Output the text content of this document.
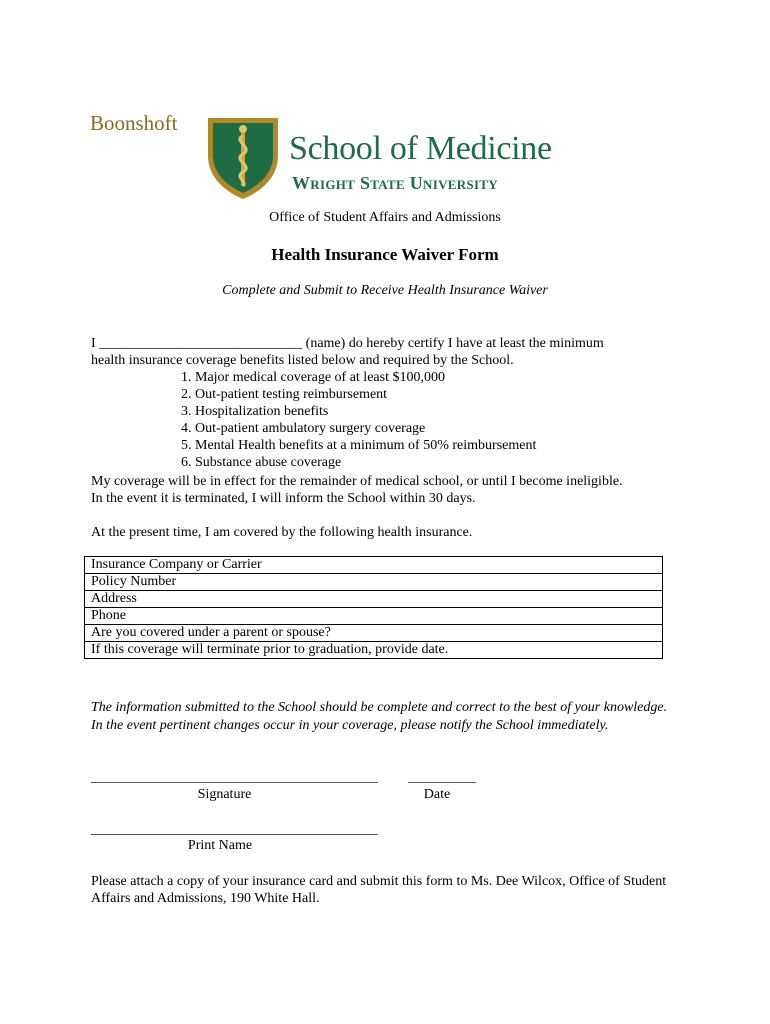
Boonshoft
School of Medicine
Wright State University
Office of Student Affairs and Admissions
Health Insurance Waiver Form
Complete and Submit to Receive Health Insurance Waiver
I _____________________________ (name) do hereby certify I have at least the minimum
health insurance coverage benefits listed below and required by the School.
1. Major medical coverage of at least $100,000
2. Out-patient testing reimbursement
3. Hospitalization benefits
4. Out-patient ambulatory surgery coverage
5. Mental Health benefits at a minimum of 50% reimbursement
6. Substance abuse coverage
My coverage will be in effect for the remainder of medical school, or until I become ineligible.
In the event it is terminated, I will inform the School within 30 days.
At the present time, I am covered by the following health insurance.
Insurance Company or Carrier
Policy Number
Address
Phone
Are you covered under a parent or spouse?
If this coverage will terminate prior to graduation, provide date.
The information submitted to the School should be complete and correct to the best of your knowledge. In the event pertinent changes occur in your coverage, please notify the School immediately.
Signature	Date
Print Name
Please attach a copy of your insurance card and submit this form to Ms. Dee Wilcox, Office of Student Affairs and Admissions, 190 White Hall.
